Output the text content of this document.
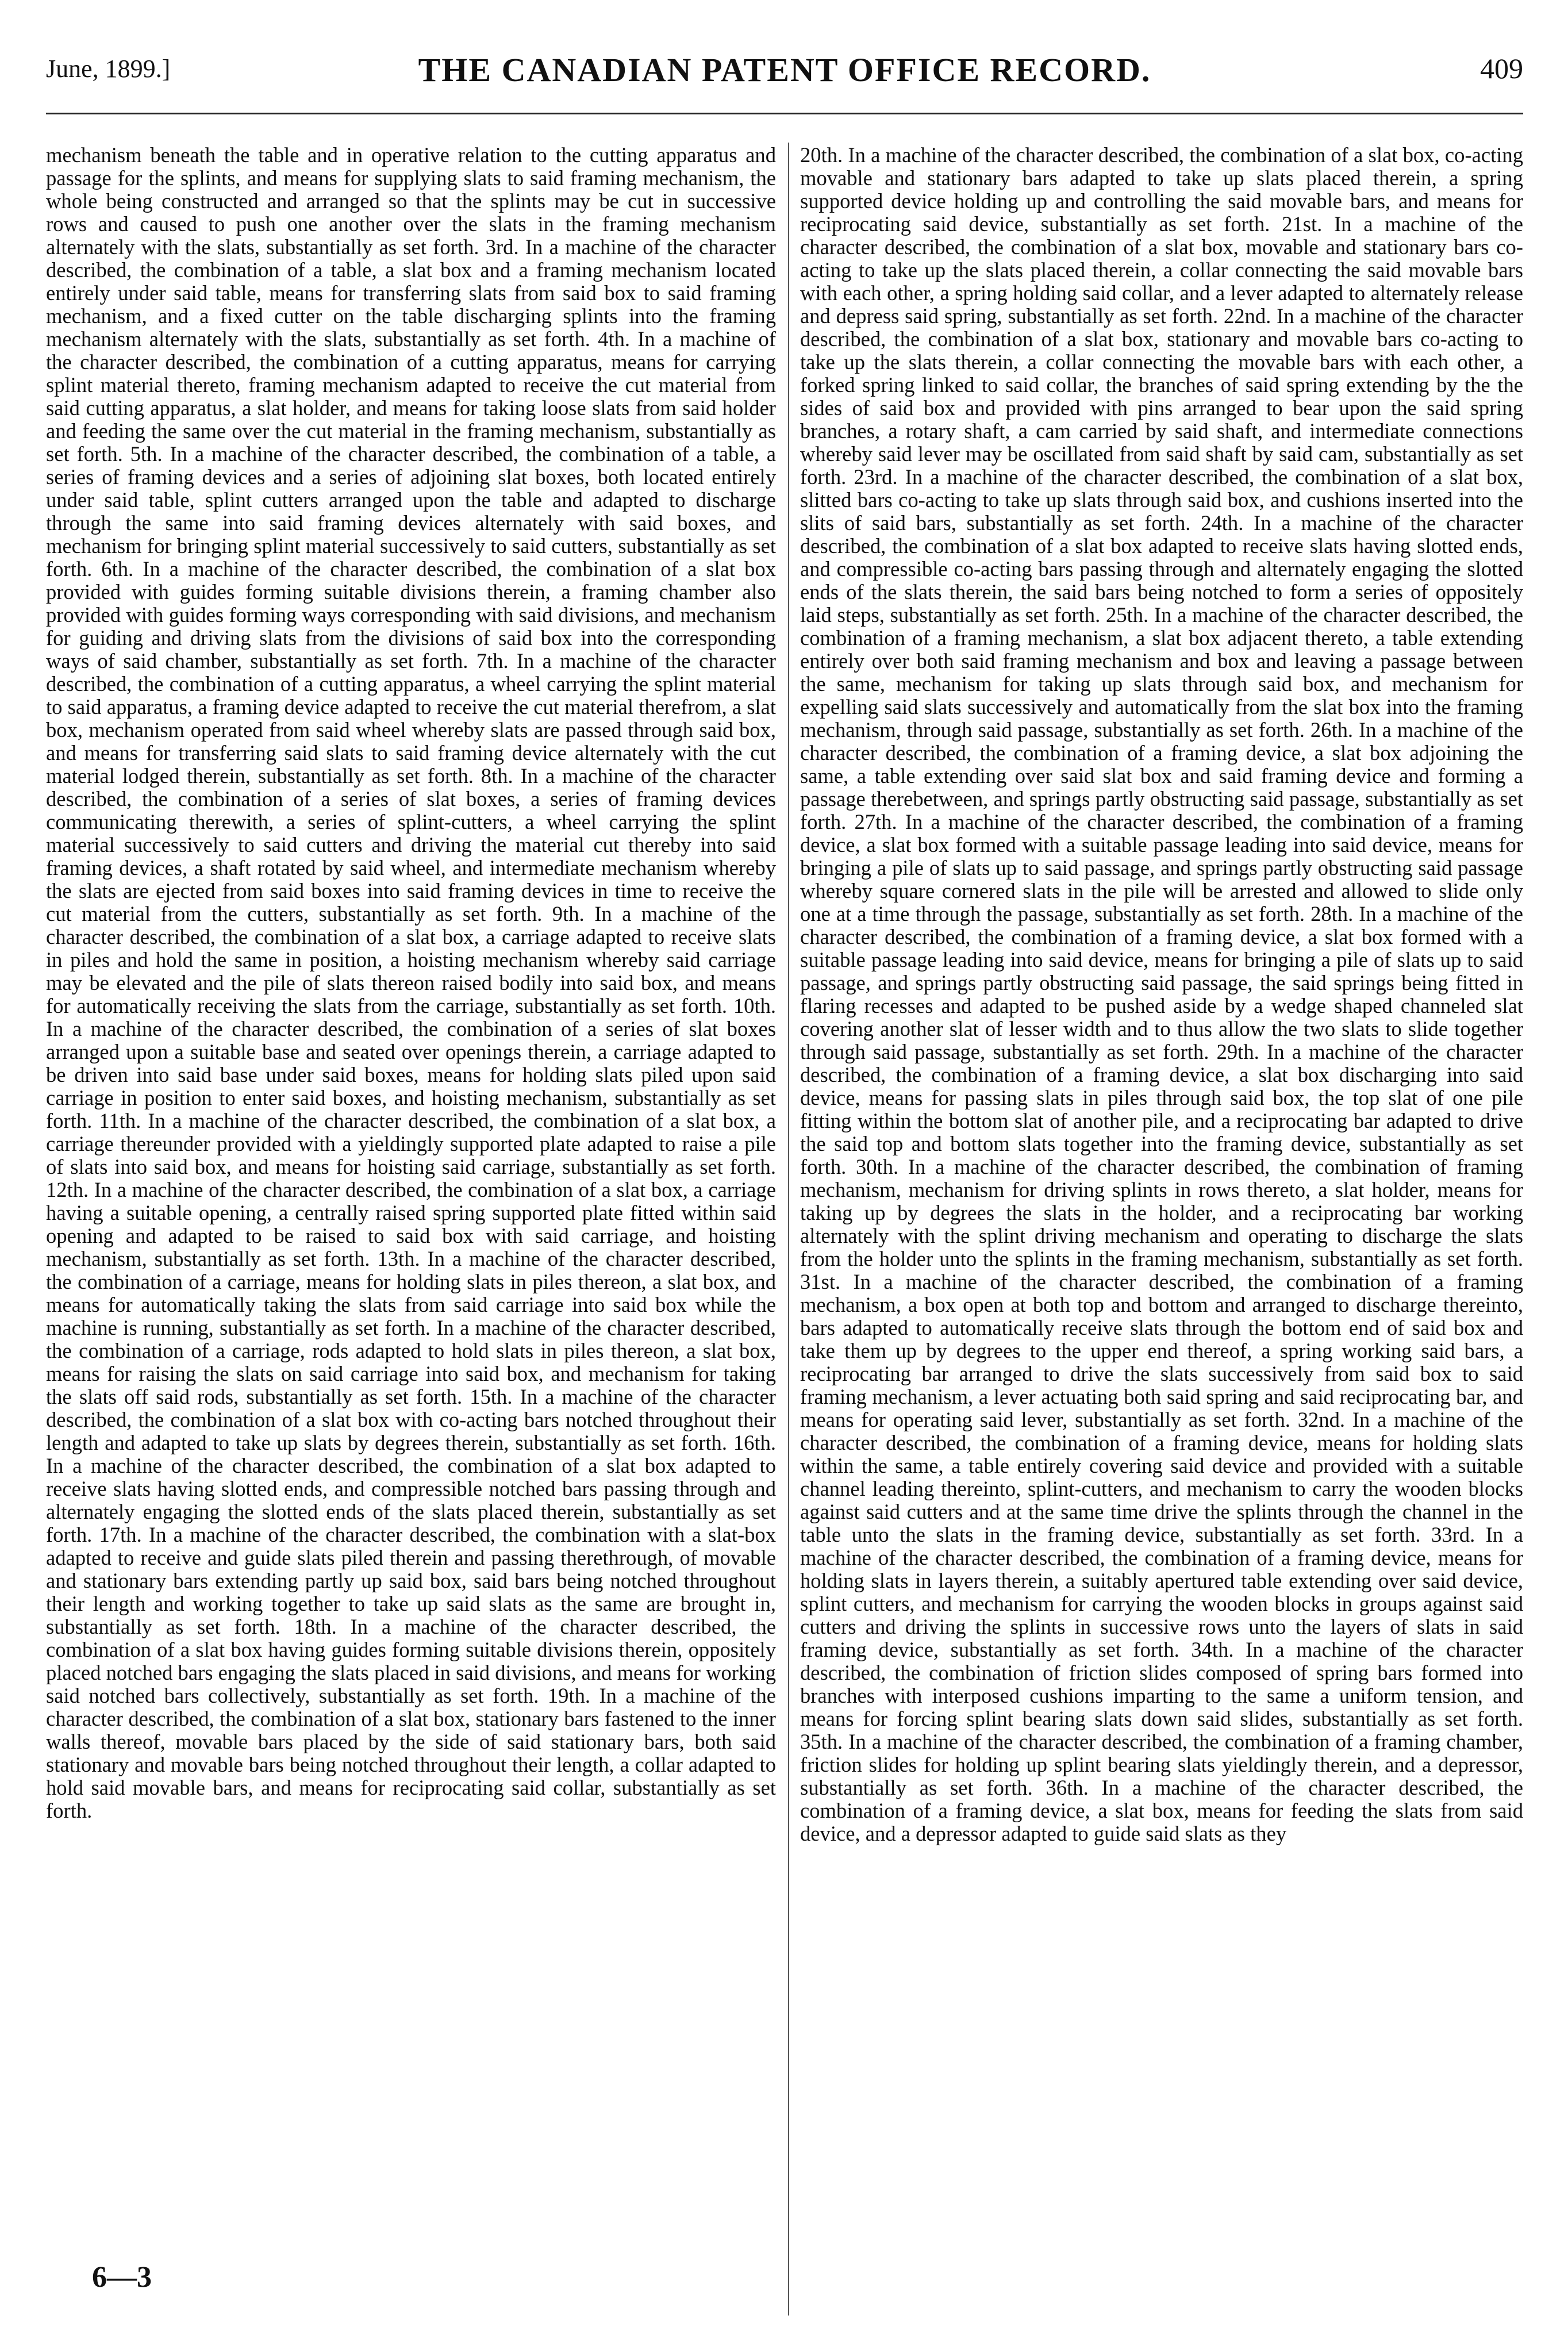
June, 1899.]	THE CANADIAN PATENT OFFICE RECORD.	409

mechanism beneath the table and in operative relation to the cutting apparatus and passage for the splints, and means for supplying slats to said framing mechanism, the whole being constructed and arranged so that the splints may be cut in successive rows and caused to push one another over the slats in the framing mechanism alternately with the slats, substantially as set forth. 3rd. In a machine of the character described, the combination of a table, a slat box and a framing mechanism located entirely under said table, means for transferring slats from said box to said framing mechanism, and a fixed cutter on the table discharging splints into the framing mechanism alternately with the slats, substantially as set forth. 4th. In a machine of the character described, the combination of a cutting apparatus, means for carrying splint material thereto, framing mechanism adapted to receive the cut material from said cutting apparatus, a slat holder, and means for taking loose slats from said holder and feeding the same over the cut material in the framing mechanism, substantially as set forth. 5th. In a machine of the character described, the combination of a table, a series of framing devices and a series of adjoining slat boxes, both located entirely under said table, splint cutters arranged upon the table and adapted to discharge through the same into said framing devices alternately with said boxes, and mechanism for bringing splint material successively to said cutters, substantially as set forth. 6th. In a machine of the character described, the combination of a slat box provided with guides forming suitable divisions therein, a framing chamber also provided with guides forming ways corresponding with said divisions, and mechanism for guiding and driving slats from the divisions of said box into the corresponding ways of said chamber, substantially as set forth. 7th. In a machine of the character described, the combination of a cutting apparatus, a wheel carrying the splint material to said apparatus, a framing device adapted to receive the cut material therefrom, a slat box, mechanism operated from said wheel whereby slats are passed through said box, and means for transferring said slats to said framing device alternately with the cut material lodged therein, substantially as set forth. 8th. In a machine of the character described, the combination of a series of slat boxes, a series of framing devices communicating therewith, a series of splint-cutters, a wheel carrying the splint material successively to said cutters and driving the material cut thereby into said framing devices, a shaft rotated by said wheel, and intermediate mechanism whereby the slats are ejected from said boxes into said framing devices in time to receive the cut material from the cutters, substantially as set forth. 9th. In a machine of the character described, the combination of a slat box, a carriage adapted to receive slats in piles and hold the same in position, a hoisting mechanism whereby said carriage may be elevated and the pile of slats thereon raised bodily into said box, and means for automatically receiving the slats from the carriage, substantially as set forth. 10th. In a machine of the character described, the combination of a series of slat boxes arranged upon a suitable base and seated over openings therein, a carriage adapted to be driven into said base under said boxes, means for holding slats piled upon said carriage in position to enter said boxes, and hoisting mechanism, substantially as set forth. 11th. In a machine of the character described, the combination of a slat box, a carriage thereunder provided with a yieldingly supported plate adapted to raise a pile of slats into said box, and means for hoisting said carriage, substantially as set forth. 12th. In a machine of the character described, the combination of a slat box, a carriage having a suitable opening, a centrally raised spring supported plate fitted within said opening and adapted to be raised to said box with said carriage, and hoisting mechanism, substantially as set forth. 13th. In a machine of the character described, the combination of a carriage, means for holding slats in piles thereon, a slat box, and means for automatically taking the slats from said carriage into said box while the machine is running, substantially as set forth. In a machine of the character described, the combination of a carriage, rods adapted to hold slats in piles thereon, a slat box, means for raising the slats on said carriage into said box, and mechanism for taking the slats off said rods, substantially as set forth. 15th. In a machine of the character described, the combination of a slat box with co-acting bars notched throughout their length and adapted to take up slats by degrees therein, substantially as set forth. 16th. In a machine of the character described, the combination of a slat box adapted to receive slats having slotted ends, and compressible notched bars passing through and alternately engaging the slotted ends of the slats placed therein, substantially as set forth. 17th. In a machine of the character described, the combination with a slat-box adapted to receive and guide slats piled therein and passing therethrough, of movable and stationary bars extending partly up said box, said bars being notched throughout their length and working together to take up said slats as the same are brought in, substantially as set forth. 18th. In a machine of the character described, the combination of a slat box having guides forming suitable divisions therein, oppositely placed notched bars engaging the slats placed in said divisions, and means for working said notched bars collectively, substantially as set forth. 19th. In a machine of the character described, the combination of a slat box, stationary bars fastened to the inner walls thereof, movable bars placed by the side of said stationary bars, both said stationary and movable bars being notched throughout their length, a collar adapted to hold said movable bars, and means for reciprocating said collar, substantially as set forth.

20th. In a machine of the character described, the combination of a slat box, co-acting movable and stationary bars adapted to take up slats placed therein, a spring supported device holding up and controlling the said movable bars, and means for reciprocating said device, substantially as set forth. 21st. In a machine of the character described, the combination of a slat box, movable and stationary bars co-acting to take up the slats placed therein, a collar connecting the said movable bars with each other, a spring holding said collar, and a lever adapted to alternately release and depress said spring, substantially as set forth. 22nd. In a machine of the character described, the combination of a slat box, stationary and movable bars co-acting to take up the slats therein, a collar connecting the movable bars with each other, a forked spring linked to said collar, the branches of said spring extending by the the sides of said box and provided with pins arranged to bear upon the said spring branches, a rotary shaft, a cam carried by said shaft, and intermediate connections whereby said lever may be oscillated from said shaft by said cam, substantially as set forth. 23rd. In a machine of the character described, the combination of a slat box, slitted bars co-acting to take up slats through said box, and cushions inserted into the slits of said bars, substantially as set forth. 24th. In a machine of the character described, the combination of a slat box adapted to receive slats having slotted ends, and compressible co-acting bars passing through and alternately engaging the slotted ends of the slats therein, the said bars being notched to form a series of oppositely laid steps, substantially as set forth. 25th. In a machine of the character described, the combination of a framing mechanism, a slat box adjacent thereto, a table extending entirely over both said framing mechanism and box and leaving a passage between the same, mechanism for taking up slats through said box, and mechanism for expelling said slats successively and automatically from the slat box into the framing mechanism, through said passage, substantially as set forth. 26th. In a machine of the character described, the combination of a framing device, a slat box adjoining the same, a table extending over said slat box and said framing device and forming a passage therebetween, and springs partly obstructing said passage, substantially as set forth. 27th. In a machine of the character described, the combination of a framing device, a slat box formed with a suitable passage leading into said device, means for bringing a pile of slats up to said passage, and springs partly obstructing said passage whereby square cornered slats in the pile will be arrested and allowed to slide only one at a time through the passage, substantially as set forth. 28th. In a machine of the character described, the combination of a framing device, a slat box formed with a suitable passage leading into said device, means for bringing a pile of slats up to said passage, and springs partly obstructing said passage, the said springs being fitted in flaring recesses and adapted to be pushed aside by a wedge shaped channeled slat covering another slat of lesser width and to thus allow the two slats to slide together through said passage, substantially as set forth. 29th. In a machine of the character described, the combination of a framing device, a slat box discharging into said device, means for passing slats in piles through said box, the top slat of one pile fitting within the bottom slat of another pile, and a reciprocating bar adapted to drive the said top and bottom slats together into the framing device, substantially as set forth. 30th. In a machine of the character described, the combination of framing mechanism, mechanism for driving splints in rows thereto, a slat holder, means for taking up by degrees the slats in the holder, and a reciprocating bar working alternately with the splint driving mechanism and operating to discharge the slats from the holder unto the splints in the framing mechanism, substantially as set forth. 31st. In a machine of the character described, the combination of a framing mechanism, a box open at both top and bottom and arranged to discharge thereinto, bars adapted to automatically receive slats through the bottom end of said box and take them up by degrees to the upper end thereof, a spring working said bars, a reciprocating bar arranged to drive the slats successively from said box to said framing mechanism, a lever actuating both said spring and said reciprocating bar, and means for operating said lever, substantially as set forth. 32nd. In a machine of the character described, the combination of a framing device, means for holding slats within the same, a table entirely covering said device and provided with a suitable channel leading thereinto, splint-cutters, and mechanism to carry the wooden blocks against said cutters and at the same time drive the splints through the channel in the table unto the slats in the framing device, substantially as set forth. 33rd. In a machine of the character described, the combination of a framing device, means for holding slats in layers therein, a suitably apertured table extending over said device, splint cutters, and mechanism for carrying the wooden blocks in groups against said cutters and driving the splints in successive rows unto the layers of slats in said framing device, substantially as set forth. 34th. In a machine of the character described, the combination of friction slides composed of spring bars formed into branches with interposed cushions imparting to the same a uniform tension, and means for forcing splint bearing slats down said slides, substantially as set forth. 35th. In a machine of the character described, the combination of a framing chamber, friction slides for holding up splint bearing slats yieldingly therein, and a depressor, substantially as set forth. 36th. In a machine of the character described, the combination of a framing device, a slat box, means for feeding the slats from said device, and a depressor adapted to guide said slats as they

6—3
